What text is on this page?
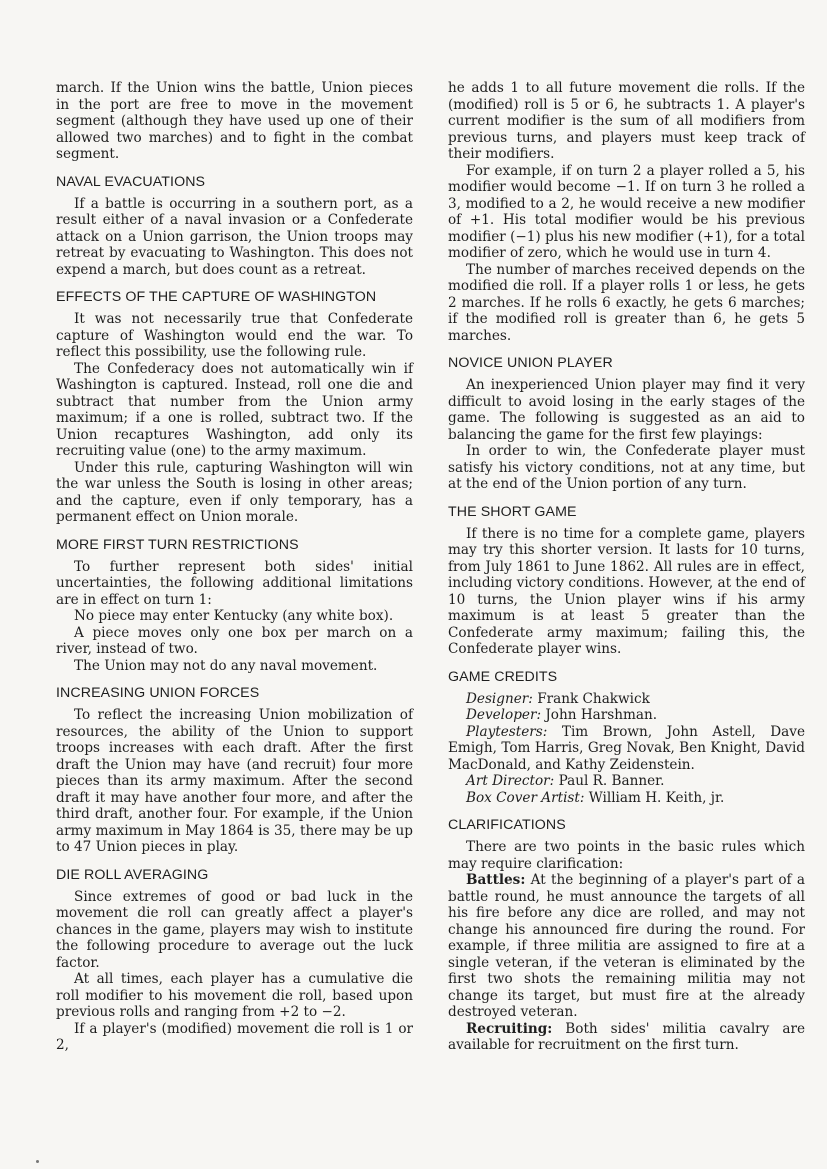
march. If the Union wins the battle, Union pieces in the port are free to move in the movement segment (although they have used up one of their allowed two marches) and to fight in the combat segment.

NAVAL EVACUATIONS

If a battle is occurring in a southern port, as a result either of a naval invasion or a Confederate attack on a Union garrison, the Union troops may retreat by evacuating to Washington. This does not expend a march, but does count as a retreat.

EFFECTS OF THE CAPTURE OF WASHINGTON

It was not necessarily true that Confederate capture of Washington would end the war. To reflect this possibility, use the following rule.

The Confederacy does not automatically win if Washington is captured. Instead, roll one die and subtract that number from the Union army maximum; if a one is rolled, subtract two. If the Union recaptures Washington, add only its recruiting value (one) to the army maximum.

Under this rule, capturing Washington will win the war unless the South is losing in other areas; and the capture, even if only temporary, has a permanent effect on Union morale.

MORE FIRST TURN RESTRICTIONS

To further represent both sides' initial uncertainties, the following additional limitations are in effect on turn 1:

No piece may enter Kentucky (any white box).

A piece moves only one box per march on a river, instead of two.

The Union may not do any naval movement.

INCREASING UNION FORCES

To reflect the increasing Union mobilization of resources, the ability of the Union to support troops increases with each draft. After the first draft the Union may have (and recruit) four more pieces than its army maximum. After the second draft it may have another four more, and after the third draft, another four. For example, if the Union army maximum in May 1864 is 35, there may be up to 47 Union pieces in play.

DIE ROLL AVERAGING

Since extremes of good or bad luck in the movement die roll can greatly affect a player's chances in the game, players may wish to institute the following procedure to average out the luck factor.

At all times, each player has a cumulative die roll modifier to his movement die roll, based upon previous rolls and ranging from +2 to −2.

If a player's (modified) movement die roll is 1 or 2,

he adds 1 to all future movement die rolls. If the (modified) roll is 5 or 6, he subtracts 1. A player's current modifier is the sum of all modifiers from previous turns, and players must keep track of their modifiers.

For example, if on turn 2 a player rolled a 5, his modifier would become −1. If on turn 3 he rolled a 3, modified to a 2, he would receive a new modifier of +1. His total modifier would be his previous modifier (−1) plus his new modifier (+1), for a total modifier of zero, which he would use in turn 4.

The number of marches received depends on the modified die roll. If a player rolls 1 or less, he gets 2 marches. If he rolls 6 exactly, he gets 6 marches; if the modified roll is greater than 6, he gets 5 marches.

NOVICE UNION PLAYER

An inexperienced Union player may find it very difficult to avoid losing in the early stages of the game. The following is suggested as an aid to balancing the game for the first few playings:

In order to win, the Confederate player must satisfy his victory conditions, not at any time, but at the end of the Union portion of any turn.

THE SHORT GAME

If there is no time for a complete game, players may try this shorter version. It lasts for 10 turns, from July 1861 to June 1862. All rules are in effect, including victory conditions. However, at the end of 10 turns, the Union player wins if his army maximum is at least 5 greater than the Confederate army maximum; failing this, the Confederate player wins.

GAME CREDITS

Designer: Frank Chakwick

Developer: John Harshman.

Playtesters: Tim Brown, John Astell, Dave Emigh, Tom Harris, Greg Novak, Ben Knight, David MacDonald, and Kathy Zeidenstein.

Art Director: Paul R. Banner.

Box Cover Artist: William H. Keith, jr.

CLARIFICATIONS

There are two points in the basic rules which may require clarification:

Battles: At the beginning of a player's part of a battle round, he must announce the targets of all his fire before any dice are rolled, and may not change his announced fire during the round. For example, if three militia are assigned to fire at a single veteran, if the veteran is eliminated by the first two shots the remaining militia may not change its target, but must fire at the already destroyed veteran.

Recruiting: Both sides' militia cavalry are available for recruitment on the first turn.
